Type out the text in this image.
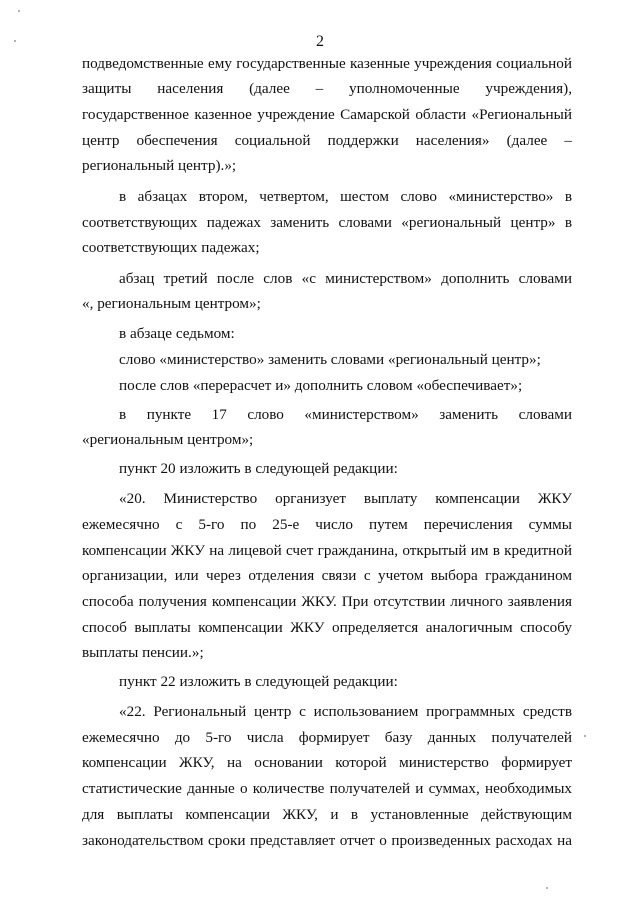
2
подведомственные ему государственные казенные учреждения социальной
защиты населения (далее – уполномоченные учреждения),
государственное казенное учреждение Самарской области «Региональный
центр обеспечения социальной поддержки населения» (далее –
региональный центр).»;
в абзацах втором, четвертом, шестом слово «министерство» в
соответствующих падежах заменить словами «региональный центр» в
соответствующих падежах;
абзац третий после слов «с министерством» дополнить словами
«, региональным центром»;
в абзаце седьмом:
слово «министерство» заменить словами «региональный центр»;
после слов «перерасчет и» дополнить словом «обеспечивает»;
в пункте 17 слово «министерством» заменить словами
«региональным центром»;
пункт 20 изложить в следующей редакции:
«20. Министерство организует выплату компенсации ЖКУ
ежемесячно с 5-го по 25-е число путем перечисления суммы
компенсации ЖКУ на лицевой счет гражданина, открытый им в кредитной
организации, или через отделения связи с учетом выбора гражданином
способа получения компенсации ЖКУ. При отсутствии личного заявления
способ выплаты компенсации ЖКУ определяется аналогичным способу
выплаты пенсии.»;
пункт 22 изложить в следующей редакции:
«22. Региональный центр с использованием программных средств
ежемесячно до 5-го числа формирует базу данных получателей
компенсации ЖКУ, на основании которой министерство формирует
статистические данные о количестве получателей и суммах, необходимых
для выплаты компенсации ЖКУ, и в установленные действующим
законодательством сроки представляет отчет о произведенных расходах на
